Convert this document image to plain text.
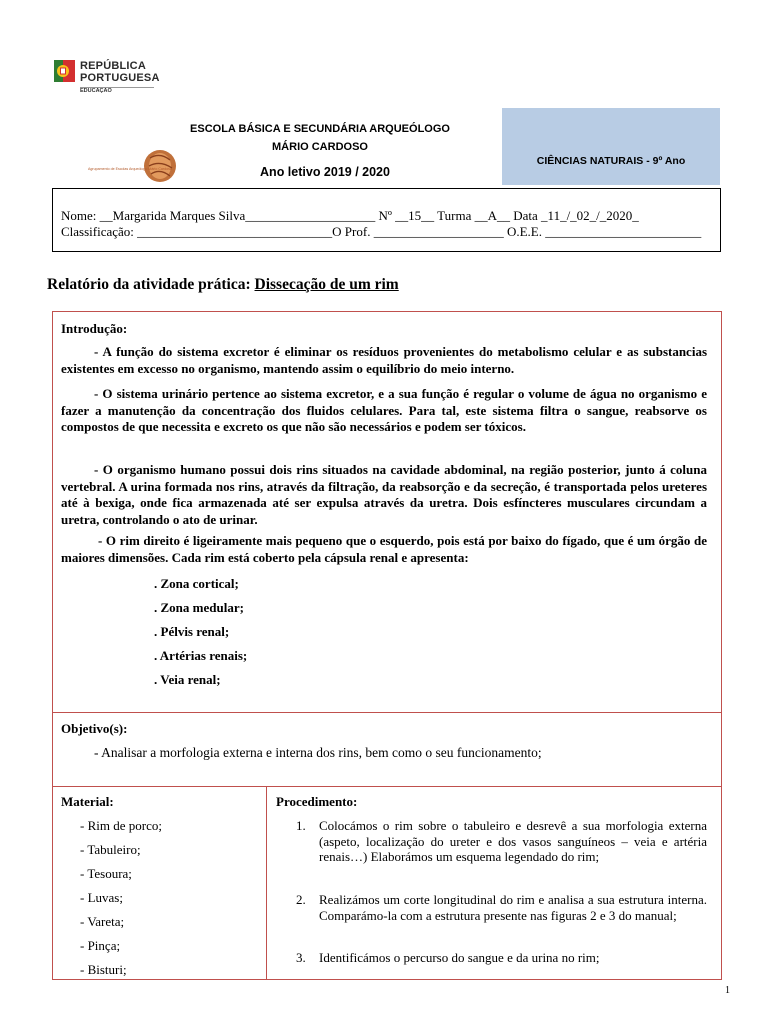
REPÚBLICA
PORTUGUESA
EDUCAÇÃO
ESCOLA BÁSICA E SECUNDÁRIA ARQUEÓLOGO
MÁRIO CARDOSO
Agrupamento de Escolas Arqueólogo Mário Cardoso	Ano letivo 2019 / 2020
CIÊNCIAS NATURAIS - 9º Ano
Nome: __Margarida Marques Silva____________________ Nº __15__ Turma __A__ Data _11_/_02_/_2020_
Classificação: ______________________________O Prof. ____________________ O.E.E. ________________________
Relatório da atividade prática: Dissecação de um rim
Introdução:
- A função do sistema excretor é eliminar os resíduos provenientes do metabolismo celular e as substancias existentes em excesso no organismo, mantendo assim o equilíbrio do meio interno.
- O sistema urinário pertence ao sistema excretor, e a sua função é regular o volume de água no organismo e fazer a manutenção da concentração dos fluidos celulares. Para tal, este sistema filtra o sangue, reabsorve os compostos de que necessita e excreto os que não são necessários e podem ser tóxicos.
- O organismo humano possui dois rins situados na cavidade abdominal, na região posterior, junto á coluna vertebral. A urina formada nos rins, através da filtração, da reabsorção e da secreção, é transportada pelos ureteres até à bexiga, onde fica armazenada até ser expulsa através da uretra. Dois esfíncteres musculares circundam a uretra, controlando o ato de urinar.
- O rim direito é ligeiramente mais pequeno que o esquerdo, pois está por baixo do fígado, que é um órgão de maiores dimensões. Cada rim está coberto pela cápsula renal e apresenta:
. Zona cortical;
. Zona medular;
. Pélvis renal;
. Artérias renais;
. Veia renal;
Objetivo(s):
- Analisar a morfologia externa e interna dos rins, bem como o seu funcionamento;
Material:
- Rim de porco;
- Tabuleiro;
- Tesoura;
- Luvas;
- Vareta;
- Pinça;
- Bisturi;
Procedimento:
1. Colocámos o rim sobre o tabuleiro e desrevê a sua morfologia externa (aspeto, localização do ureter e dos vasos sanguíneos – veia e artéria renais…) Elaborámos um esquema legendado do rim;
2. Realizámos um corte longitudinal do rim e analisa a sua estrutura interna. Comparámo-la com a estrutura presente nas figuras 2 e 3 do manual;
3. Identificámos o percurso do sangue e da urina no rim;
1
